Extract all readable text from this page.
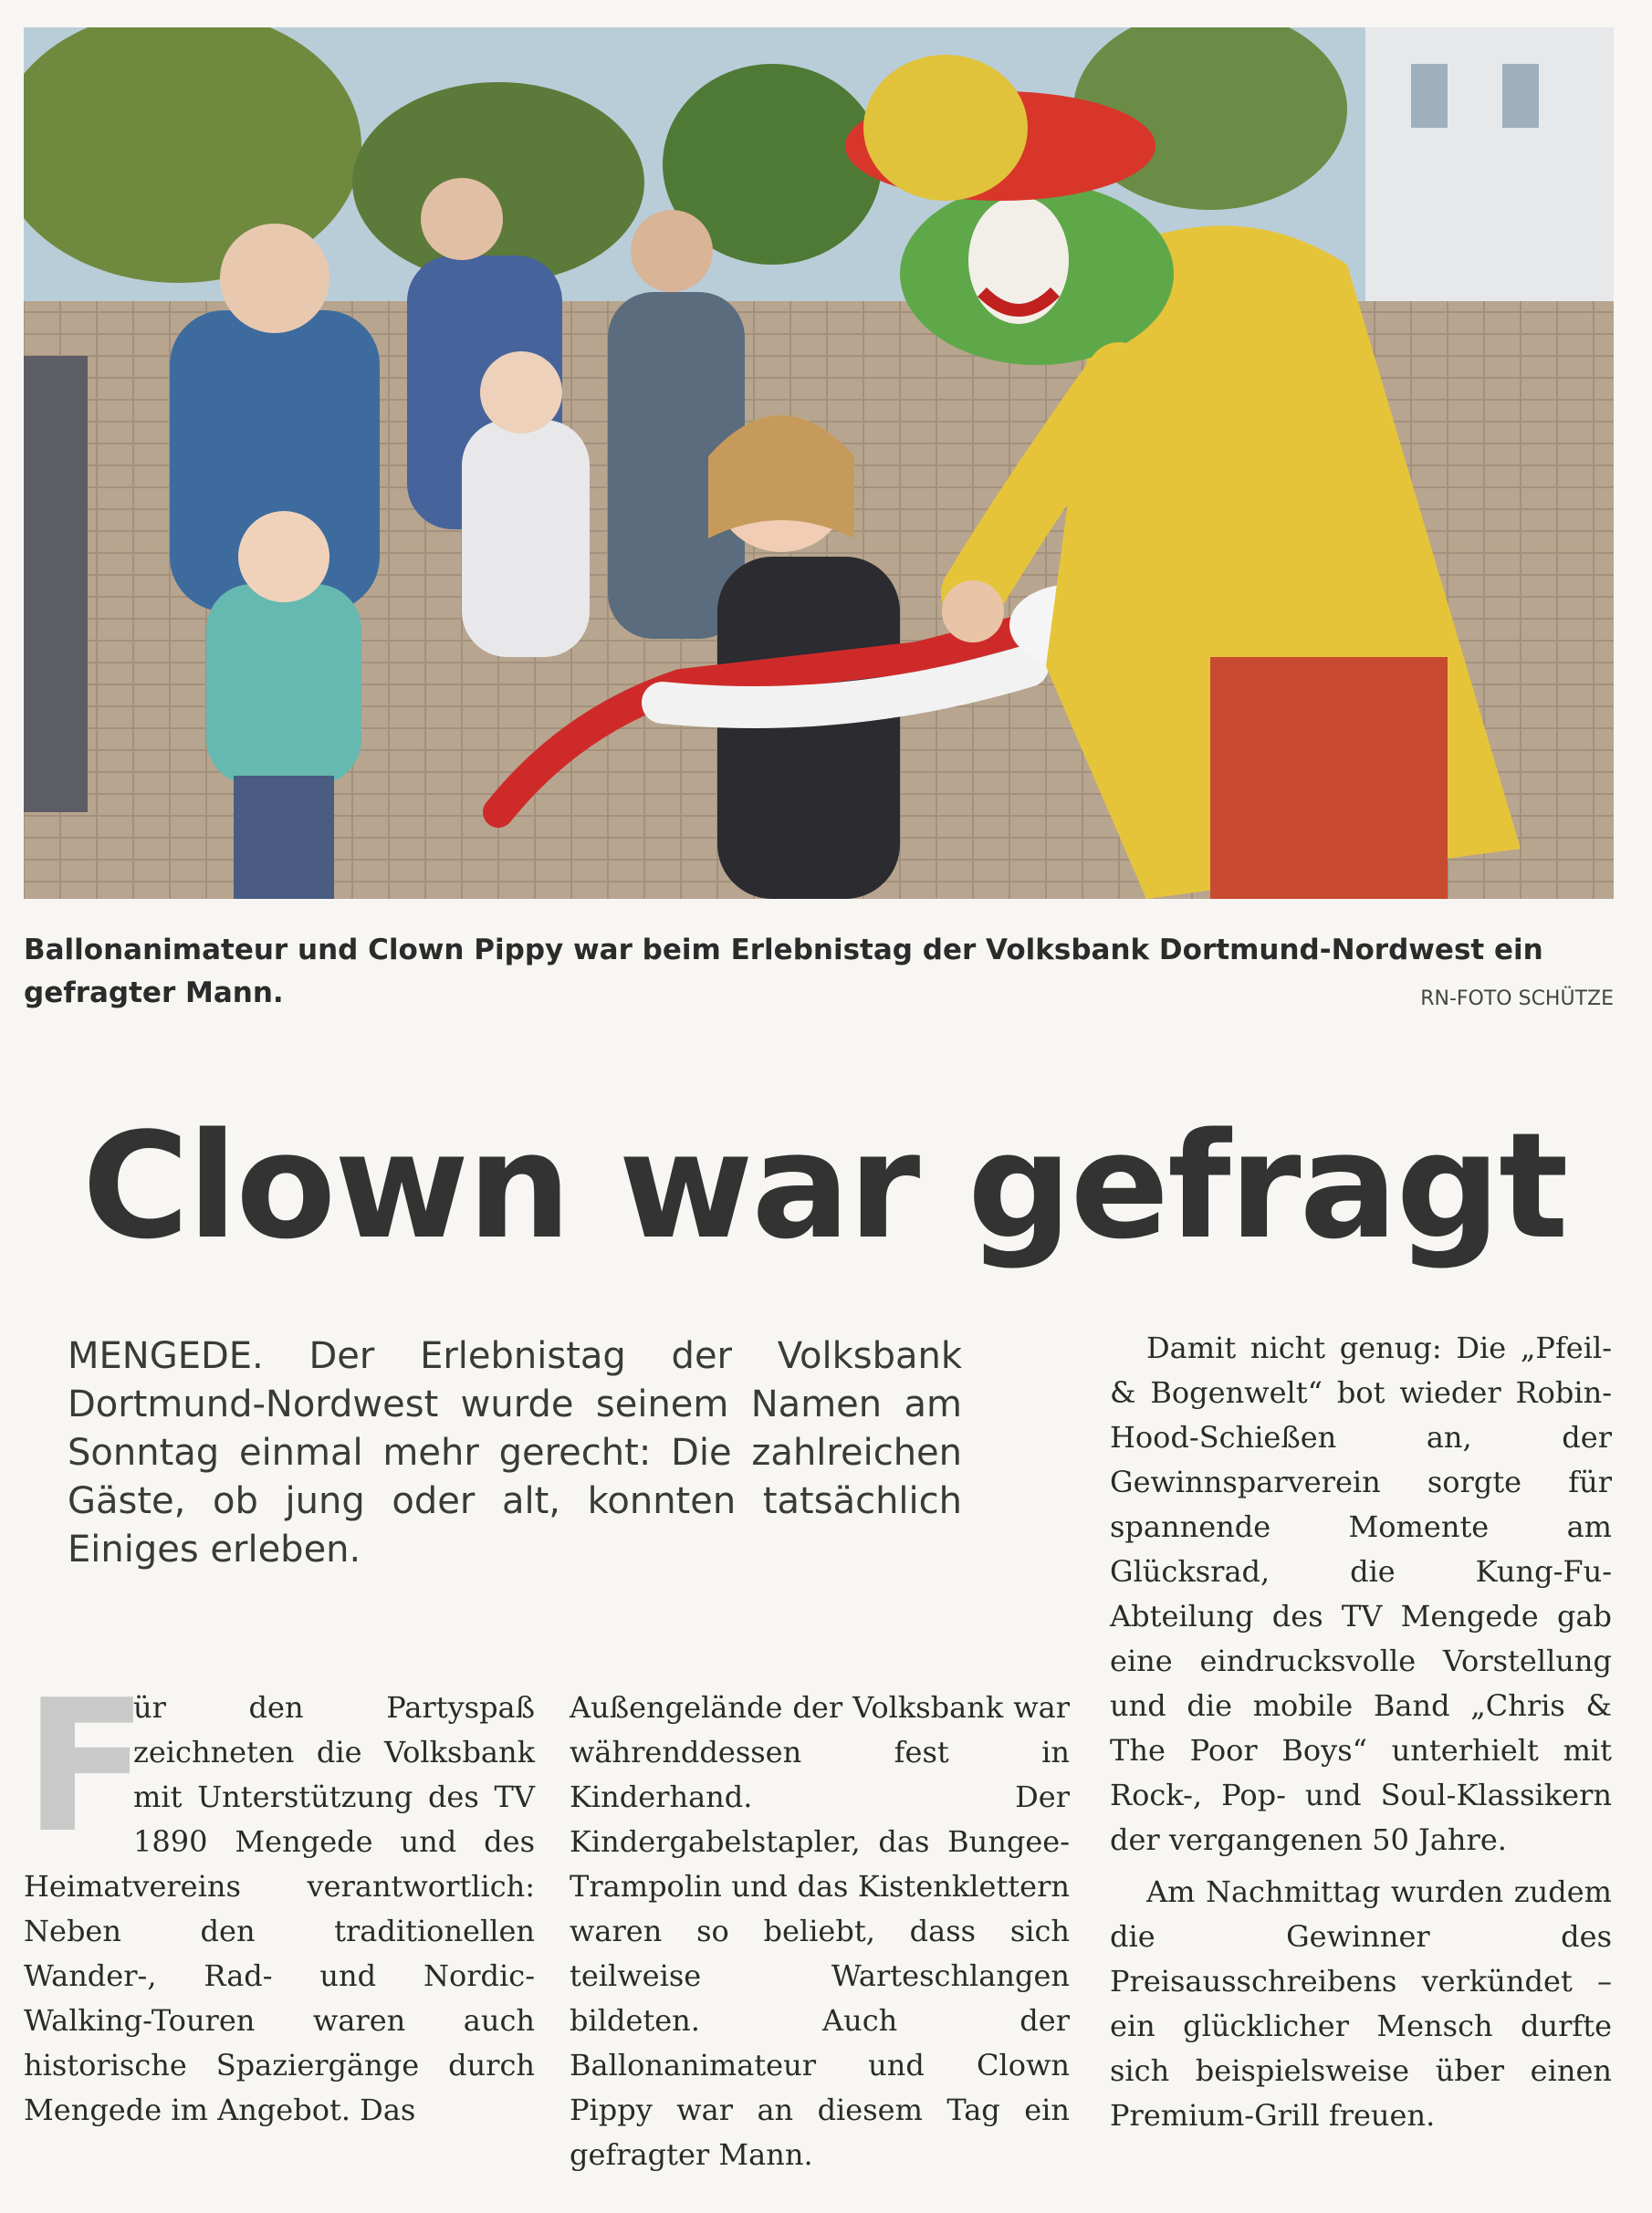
Ballonanimateur und Clown Pippy war beim Erlebnistag der Volksbank Dortmund-Nordwest ein gefragter Mann.	RN-FOTO SCHÜTZE
Clown war gefragt
MENGEDE. Der Erlebnistag der Volksbank Dortmund-Nordwest wurde seinem Namen am Sonntag einmal mehr gerecht: Die zahlreichen Gäste, ob jung oder alt, konnten tatsächlich Einiges erleben.
F

ür den Partyspaß zeichneten die Volksbank mit Unterstützung des TV 1890 Mengede und des Heimatvereins verantwortlich: Neben den traditionellen Wander-, Rad- und Nordic-Walking-Touren waren auch historische Spaziergänge durch Mengede im Angebot. Das

Außengelände der Volksbank war währenddessen fest in Kinderhand. Der Kindergabelstapler, das Bungee-Trampolin und das Kistenklettern waren so beliebt, dass sich teilweise Warteschlangen bildeten. Auch der Ballonanimateur und Clown Pippy war an diesem Tag ein gefragter Mann.

Damit nicht genug: Die „Pfeil- & Bogenwelt“ bot wieder Robin-Hood-Schießen an, der Gewinnsparverein sorgte für spannende Momente am Glücksrad, die Kung-Fu-Abteilung des TV Mengede gab eine eindrucksvolle Vorstellung und die mobile Band „Chris & The Poor Boys“ unterhielt mit Rock-, Pop- und Soul-Klassikern der vergangenen 50 Jahre.

Am Nachmittag wurden zudem die Gewinner des Preisausschreibens verkündet – ein glücklicher Mensch durfte sich beispielsweise über einen Premium-Grill freuen.
